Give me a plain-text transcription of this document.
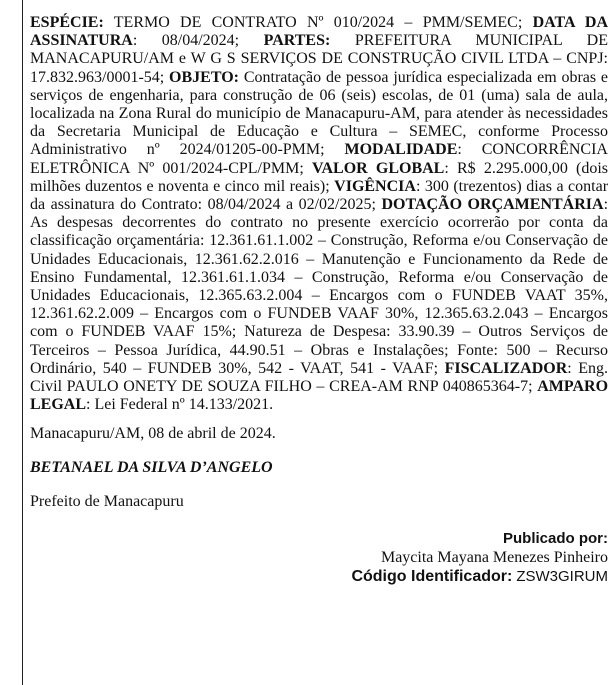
ESPÉCIE: TERMO DE CONTRATO Nº 010/2024 – PMM/SEMEC; DATA DA ASSINATURA: 08/04/2024; PARTES: PREFEITURA MUNICIPAL DE MANACAPURU/AM e W G S SERVIÇOS DE CONSTRUÇÃO CIVIL LTDA – CNPJ: 17.832.963/0001-54; OBJETO: Contratação de pessoa jurídica especializada em obras e serviços de engenharia, para construção de 06 (seis) escolas, de 01 (uma) sala de aula, localizada na Zona Rural do município de Manacapuru-AM, para atender às necessidades da Secretaria Municipal de Educação e Cultura – SEMEC, conforme Processo Administrativo nº 2024/01205-00-PMM; MODALIDADE: CONCORRÊNCIA ELETRÔNICA Nº 001/2024-CPL/PMM; VALOR GLOBAL: R$ 2.295.000,00 (dois milhões duzentos e noventa e cinco mil reais); VIGÊNCIA: 300 (trezentos) dias a contar da assinatura do Contrato: 08/04/2024 a 02/02/2025; DOTAÇÃO ORÇAMENTÁRIA: As despesas decorrentes do contrato no presente exercício ocorrerão por conta da classificação orçamentária: 12.361.61.1.002 – Construção, Reforma e/ou Conservação de Unidades Educacionais, 12.361.62.2.016 – Manutenção e Funcionamento da Rede de Ensino Fundamental, 12.361.61.1.034 – Construção, Reforma e/ou Conservação de Unidades Educacionais, 12.365.63.2.004 – Encargos com o FUNDEB VAAT 35%, 12.361.62.2.009 – Encargos com o FUNDEB VAAF 30%, 12.365.63.2.043 – Encargos com o FUNDEB VAAF 15%; Natureza de Despesa: 33.90.39 – Outros Serviços de Terceiros – Pessoa Jurídica, 44.90.51 – Obras e Instalações; Fonte: 500 – Recurso Ordinário, 540 – FUNDEB 30%, 542 - VAAT, 541 - VAAF; FISCALIZADOR: Eng. Civil PAULO ONETY DE SOUZA FILHO – CREA-AM RNP 040865364-7; AMPARO LEGAL: Lei Federal nº 14.133/2021.

Manacapuru/AM, 08 de abril de 2024.

BETANAEL DA SILVA D’ANGELO
Prefeito de Manacapuru
Publicado por:
Maycita Mayana Menezes Pinheiro
Código Identificador: ZSW3GIRUM
